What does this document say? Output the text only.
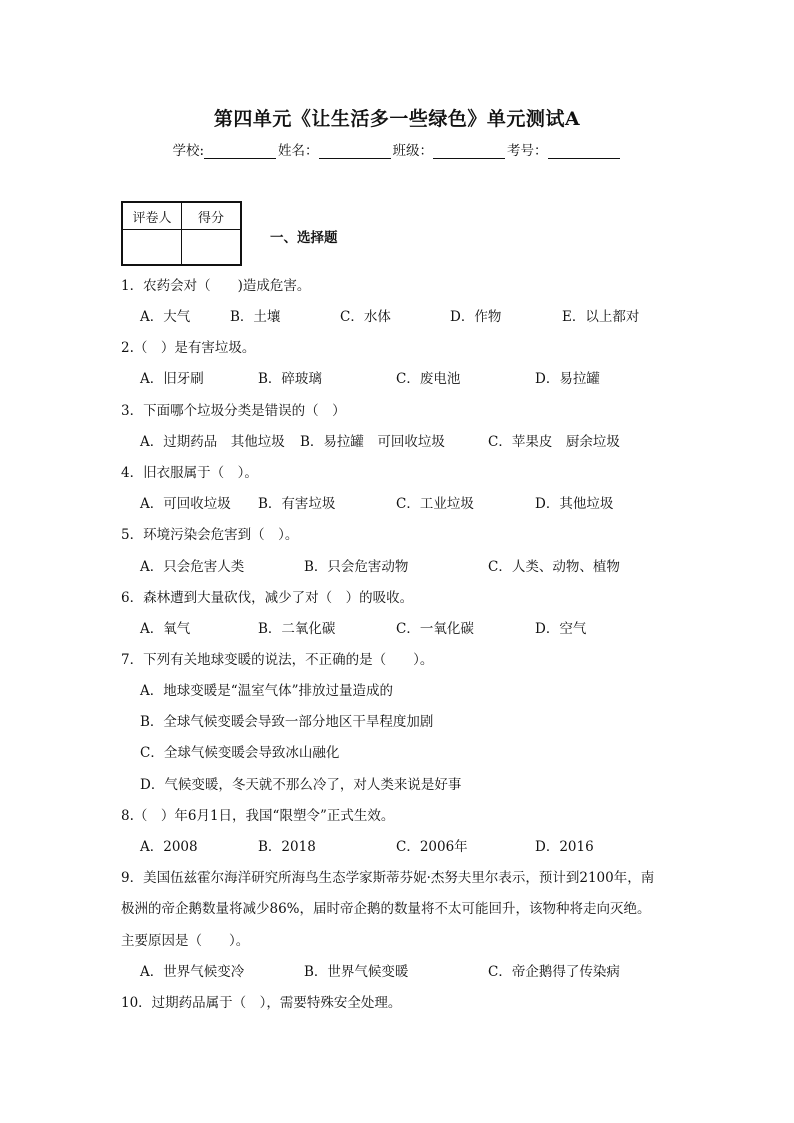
第四单元《让生活多一些绿色》单元测试A
学校:	姓名：	班级：	考号：
评卷人	得分

一、选择题
1．农药会对（　　)造成危害。
A．大气	B．土壤	C．水体	D．作物	E．以上都对
2.（　）是有害垃圾。
A．旧牙刷	B．碎玻璃	C．废电池	D．易拉罐
3．下面哪个垃圾分类是错误的（　）
A．过期药品　其他垃圾 B．易拉罐　可回收垃圾	C．苹果皮　厨余垃圾
4．旧衣服属于（　）。
A．可回收垃圾 B．有害垃圾	C．工业垃圾	D．其他垃圾
5．环境污染会危害到（　）。
A．只会危害人类	B．只会危害动物	C．人类、动物、植物
6．森林遭到大量砍伐，减少了对（　）的吸收。
A．氧气	B．二氧化碳	C．一氧化碳	D．空气
7．下列有关地球变暖的说法，不正确的是（　　）。
A．地球变暖是“温室气体”排放过量造成的
B．全球气候变暖会导致一部分地区干旱程度加剧
C．全球气候变暖会导致冰山融化
D．气候变暖，冬天就不那么冷了，对人类来说是好事
8.（　）年6月1日，我国“限塑令”正式生效。
A．2008	B．2018	C．2006年	D．2016
9．美国伍兹霍尔海洋研究所海鸟生态学家斯蒂芬妮·杰努夫里尔表示，预计到2100年，南
极洲的帝企鹅数量将减少86%，届时帝企鹅的数量将不太可能回升，该物种将走向灭绝。
主要原因是（　　）。
A．世界气候变冷	B．世界气候变暖	C．帝企鹅得了传染病
10．过期药品属于（　），需要特殊安全处理。
